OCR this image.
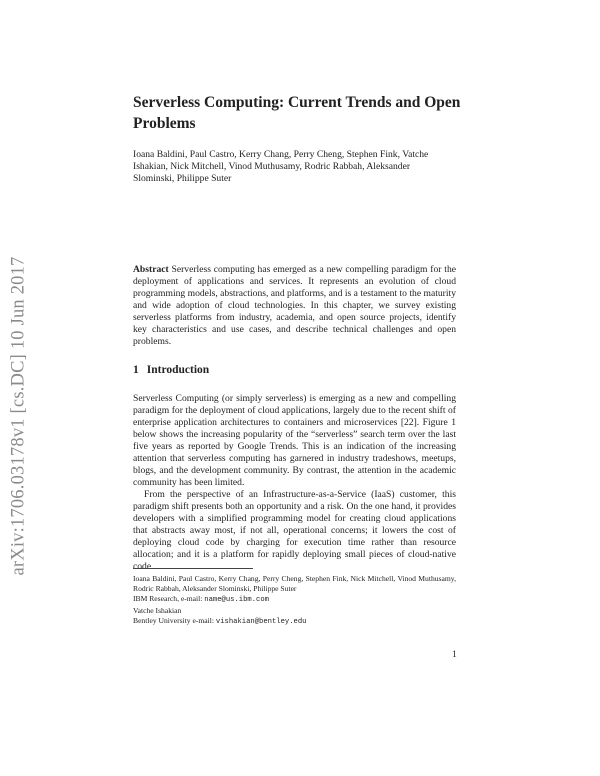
arXiv:1706.03178v1 [cs.DC] 10 Jun 2017
Serverless Computing: Current Trends and Open Problems

Ioana Baldini, Paul Castro, Kerry Chang, Perry Cheng, Stephen Fink, Vatche Ishakian, Nick Mitchell, Vinod Muthusamy, Rodric Rabbah, Aleksander Slominski, Philippe Suter

Abstract Serverless computing has emerged as a new compelling paradigm for the deployment of applications and services. It represents an evolution of cloud programming models, abstractions, and platforms, and is a testament to the maturity and wide adoption of cloud technologies. In this chapter, we survey existing serverless platforms from industry, academia, and open source projects, identify key characteristics and use cases, and describe technical challenges and open problems.

1 Introduction

Serverless Computing (or simply serverless) is emerging as a new and compelling paradigm for the deployment of cloud applications, largely due to the recent shift of enterprise application architectures to containers and microservices [22]. Figure 1 below shows the increasing popularity of the “serverless” search term over the last five years as reported by Google Trends. This is an indication of the increasing attention that serverless computing has garnered in industry tradeshows, meetups, blogs, and the development community. By contrast, the attention in the academic community has been limited.

From the perspective of an Infrastructure-as-a-Service (IaaS) customer, this paradigm shift presents both an opportunity and a risk. On the one hand, it provides developers with a simplified programming model for creating cloud applications that abstracts away most, if not all, operational concerns; it lowers the cost of deploying cloud code by charging for execution time rather than resource allocation; and it is a platform for rapidly deploying small pieces of cloud-native code

Ioana Baldini, Paul Castro, Kerry Chang, Perry Cheng, Stephen Fink, Nick Mitchell, Vinod Muthusamy, Rodric Rabbah, Aleksander Slominski, Philippe Suter
IBM Research, e-mail: name@us.ibm.com

Vatche Ishakian
Bentley University e-mail: vishakian@bentley.edu

1
